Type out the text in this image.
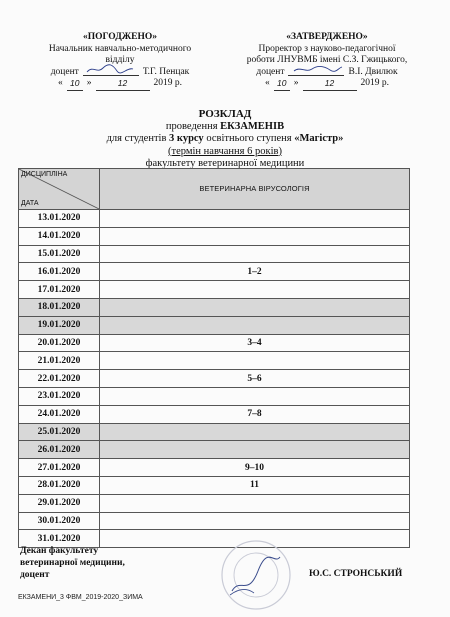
«ПОГОДЖЕНО»
Начальник навчально-методичного
відділу
доцент	Т.Г. Пенцак
« 10 »	12	2019 р.
«ЗАТВЕРДЖЕНО»
Проректор з науково-педагогічної
роботи ЛНУВМБ імені С.З. Гжицького,
доцент	В.І. Двилюк
« 10 »	12	2019 р.
РОЗКЛАД
проведення ЕКЗАМЕНІВ
для студентів 3 курсу освітнього ступеня «Магістр»
(термін навчання 6 років)
факультету ветеринарної медицини
ДИСЦИПЛІНА
ДАТА	ВЕТЕРИНАРНА ВІРУСОЛОГІЯ
13.01.2020	
14.01.2020	
15.01.2020	
16.01.2020	1–2
17.01.2020	
18.01.2020	
19.01.2020	
20.01.2020	3–4
21.01.2020	
22.01.2020	5–6
23.01.2020	
24.01.2020	7–8
25.01.2020	
26.01.2020	
27.01.2020	9–10
28.01.2020	11
29.01.2020	
30.01.2020	
31.01.2020	
Декан факультету
ветеринарної медицини,
доцент	Ю.С. СТРОНСЬКИЙ
ЕКЗАМЕНИ_3 ФВМ_2019-2020_ЗИМА
